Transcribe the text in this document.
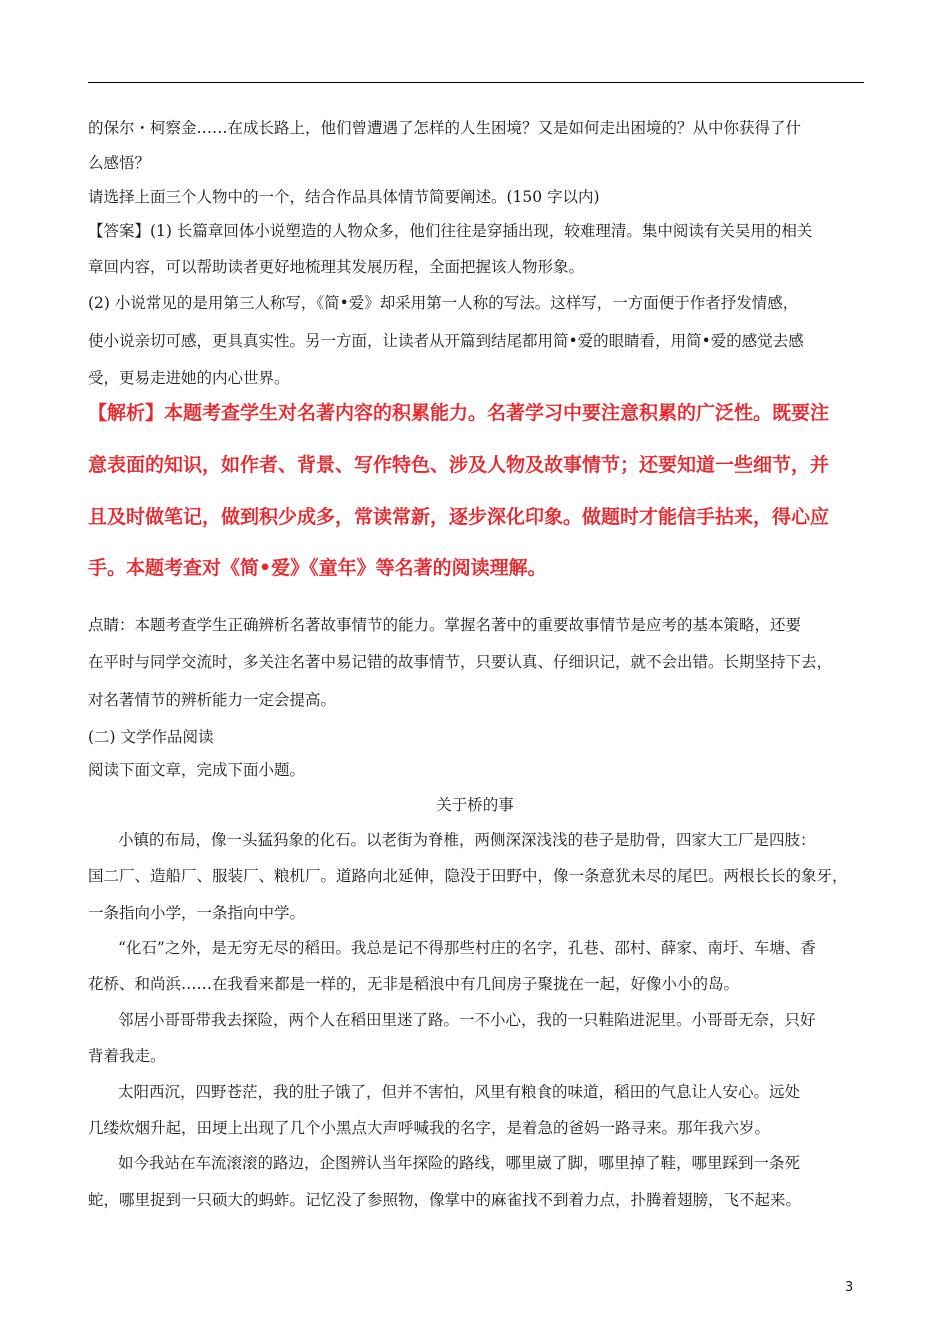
的保尔・柯察金……在成长路上，他们曾遭遇了怎样的人生困境？又是如何走出困境的？从中你获得了什
么感悟？
请选择上面三个人物中的一个，结合作品具体情节简要阐述。(150 字以内)
【答案】(1) 长篇章回体小说塑造的人物众多，他们往往是穿插出现，较难理清。集中阅读有关吴用的相关
章回内容，可以帮助读者更好地梳理其发展历程，全面把握该人物形象。
(2) 小说常见的是用第三人称写，《简•爱》却采用第一人称的写法。这样写，一方面便于作者抒发情感，
使小说亲切可感，更具真实性。另一方面，让读者从开篇到结尾都用简•爱的眼睛看，用简•爱的感觉去感
受，更易走进她的内心世界。
【解析】本题考查学生对名著内容的积累能力。名著学习中要注意积累的广泛性。既要注
意表面的知识，如作者、背景、写作特色、涉及人物及故事情节；还要知道一些细节，并
且及时做笔记，做到积少成多，常读常新，逐步深化印象。做题时才能信手拈来，得心应
手。本题考查对《简•爱》《童年》等名著的阅读理解。
点睛：本题考查学生正确辨析名著故事情节的能力。掌握名著中的重要故事情节是应考的基本策略，还要
在平时与同学交流时，多关注名著中易记错的故事情节，只要认真、仔细识记，就不会出错。长期坚持下去，
对名著情节的辨析能力一定会提高。
(二) 文学作品阅读
阅读下面文章，完成下面小题。
关于桥的事
小镇的布局，像一头猛犸象的化石。以老街为脊椎，两侧深深浅浅的巷子是肋骨，四家大工厂是四肢：
国二厂、造船厂、服装厂、粮机厂。道路向北延伸，隐没于田野中，像一条意犹未尽的尾巴。两根长长的象牙，
一条指向小学，一条指向中学。
“化石”之外，是无穷无尽的稻田。我总是记不得那些村庄的名字，孔巷、邵村、薛家、南圩、车塘、香
花桥、和尚浜……在我看来都是一样的，无非是稻浪中有几间房子聚拢在一起，好像小小的岛。
邻居小哥哥带我去探险，两个人在稻田里迷了路。一不小心，我的一只鞋陷进泥里。小哥哥无奈，只好
背着我走。
太阳西沉，四野苍茫，我的肚子饿了，但并不害怕，风里有粮食的味道，稻田的气息让人安心。远处
几缕炊烟升起，田埂上出现了几个小黑点大声呼喊我的名字，是着急的爸妈一路寻来。那年我六岁。
如今我站在车流滚滚的路边，企图辨认当年探险的路线，哪里崴了脚，哪里掉了鞋，哪里踩到一条死
蛇，哪里捉到一只硕大的蚂蚱。记忆没了参照物，像掌中的麻雀找不到着力点，扑腾着翅膀，飞不起来。
3
